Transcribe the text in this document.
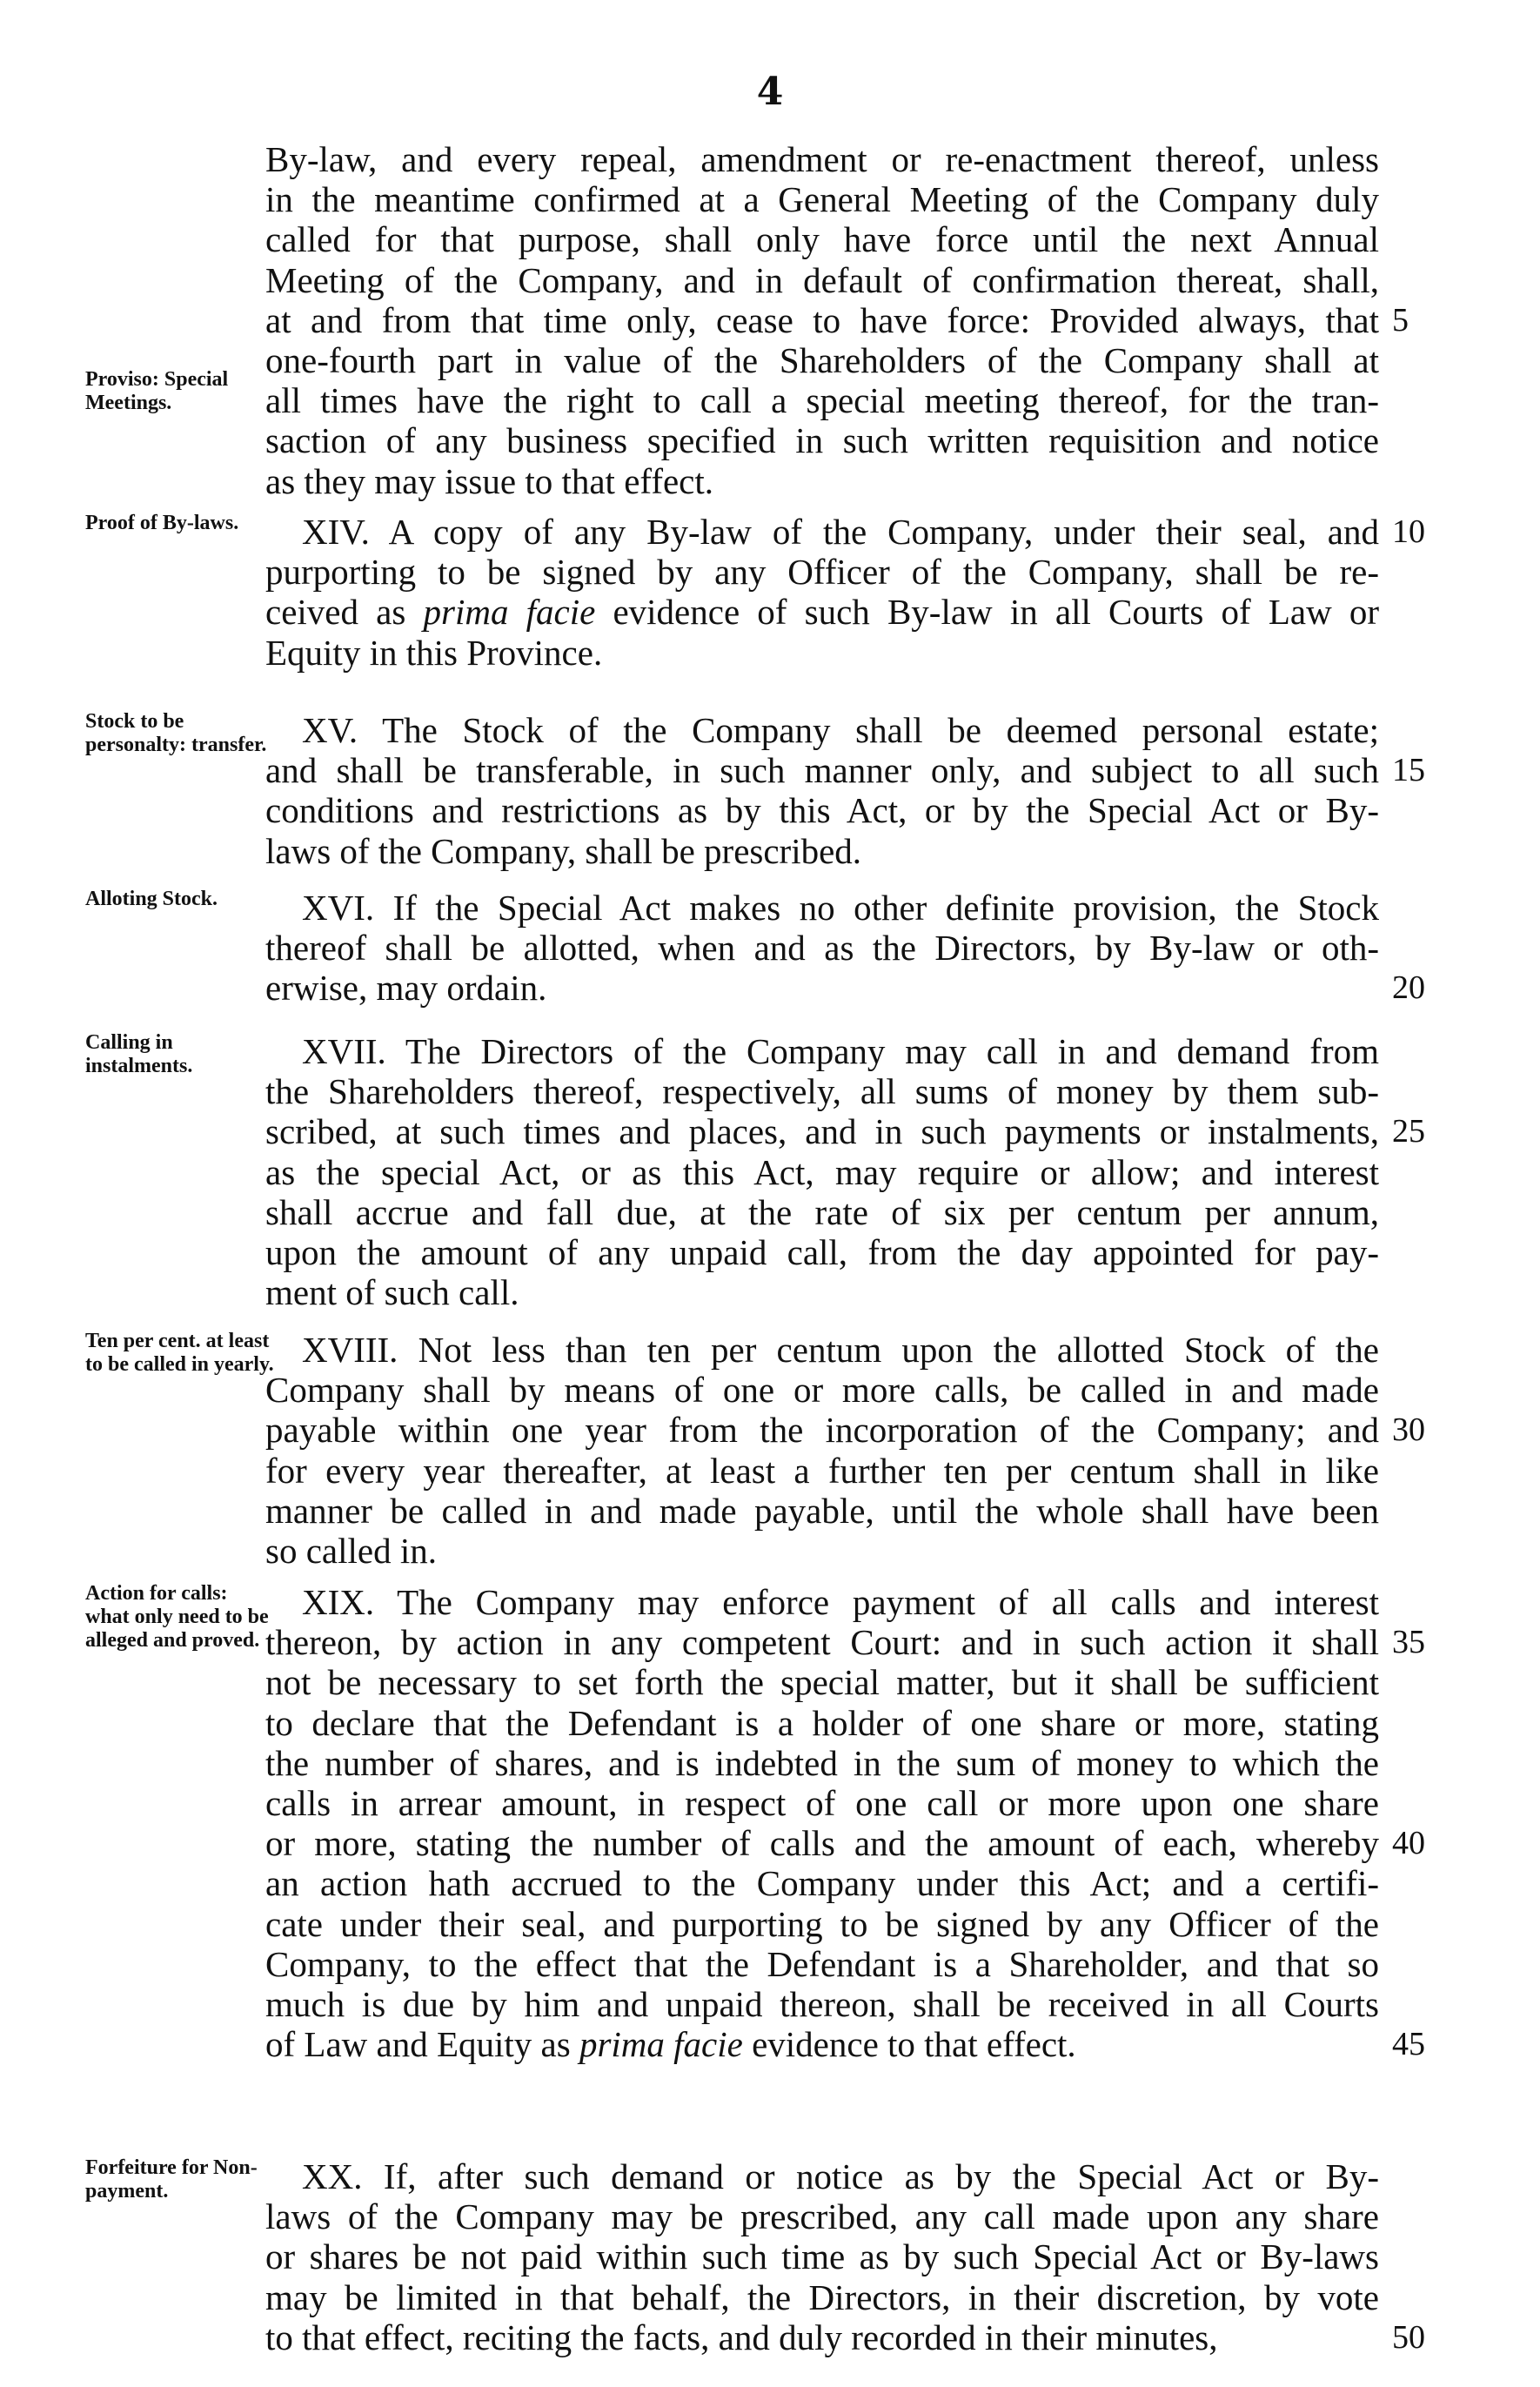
4
Proviso: Special Meetings.
Proof of By-laws.
Stock to be personalty: transfer.
Alloting Stock.
Calling in instalments.
Ten per cent. at least to be called in yearly.
Action for calls: what only need to be alleged and proved.
Forfeiture for Non-payment.
By-law, and every repeal, amendment or re-enactment thereof, unless
in the meantime confirmed at a General Meeting of the Company duly
called for that purpose, shall only have force until the next Annual
Meeting of the Company, and in default of confirmation thereat, shall,
at and from that time only, cease to have force: Provided always, that
one-fourth part in value of the Shareholders of the Company shall at
all times have the right to call a special meeting thereof, for the tran-
saction of any business specified in such written requisition and notice
as they may issue to that effect.
XIV. A copy of any By-law of the Company, under their seal, and
purporting to be signed by any Officer of the Company, shall be re-
ceived as prima facie evidence of such By-law in all Courts of Law or
Equity in this Province.
XV. The Stock of the Company shall be deemed personal estate;
and shall be transferable, in such manner only, and subject to all such
conditions and restrictions as by this Act, or by the Special Act or By-
laws of the Company, shall be prescribed.
XVI. If the Special Act makes no other definite provision, the Stock
thereof shall be allotted, when and as the Directors, by By-law or oth-
erwise, may ordain.
XVII. The Directors of the Company may call in and demand from
the Shareholders thereof, respectively, all sums of money by them sub-
scribed, at such times and places, and in such payments or instalments,
as the special Act, or as this Act, may require or allow; and interest
shall accrue and fall due, at the rate of six per centum per annum,
upon the amount of any unpaid call, from the day appointed for pay-
ment of such call.
XVIII. Not less than ten per centum upon the allotted Stock of the
Company shall by means of one or more calls, be called in and made
payable within one year from the incorporation of the Company; and
for every year thereafter, at least a further ten per centum shall in like
manner be called in and made payable, until the whole shall have been
so called in.
XIX. The Company may enforce payment of all calls and interest
thereon, by action in any competent Court: and in such action it shall
not be necessary to set forth the special matter, but it shall be sufficient
to declare that the Defendant is a holder of one share or more, stating
the number of shares, and is indebted in the sum of money to which the
calls in arrear amount, in respect of one call or more upon one share
or more, stating the number of calls and the amount of each, whereby
an action hath accrued to the Company under this Act; and a certifi-
cate under their seal, and purporting to be signed by any Officer of the
Company, to the effect that the Defendant is a Shareholder, and that so
much is due by him and unpaid thereon, shall be received in all Courts
of Law and Equity as prima facie evidence to that effect.
XX. If, after such demand or notice as by the Special Act or By-
laws of the Company may be prescribed, any call made upon any share
or shares be not paid within such time as by such Special Act or By-laws
may be limited in that behalf, the Directors, in their discretion, by vote
to that effect, reciting the facts, and duly recorded in their minutes,
5
10
15
20
25
30
35
40
45
50
